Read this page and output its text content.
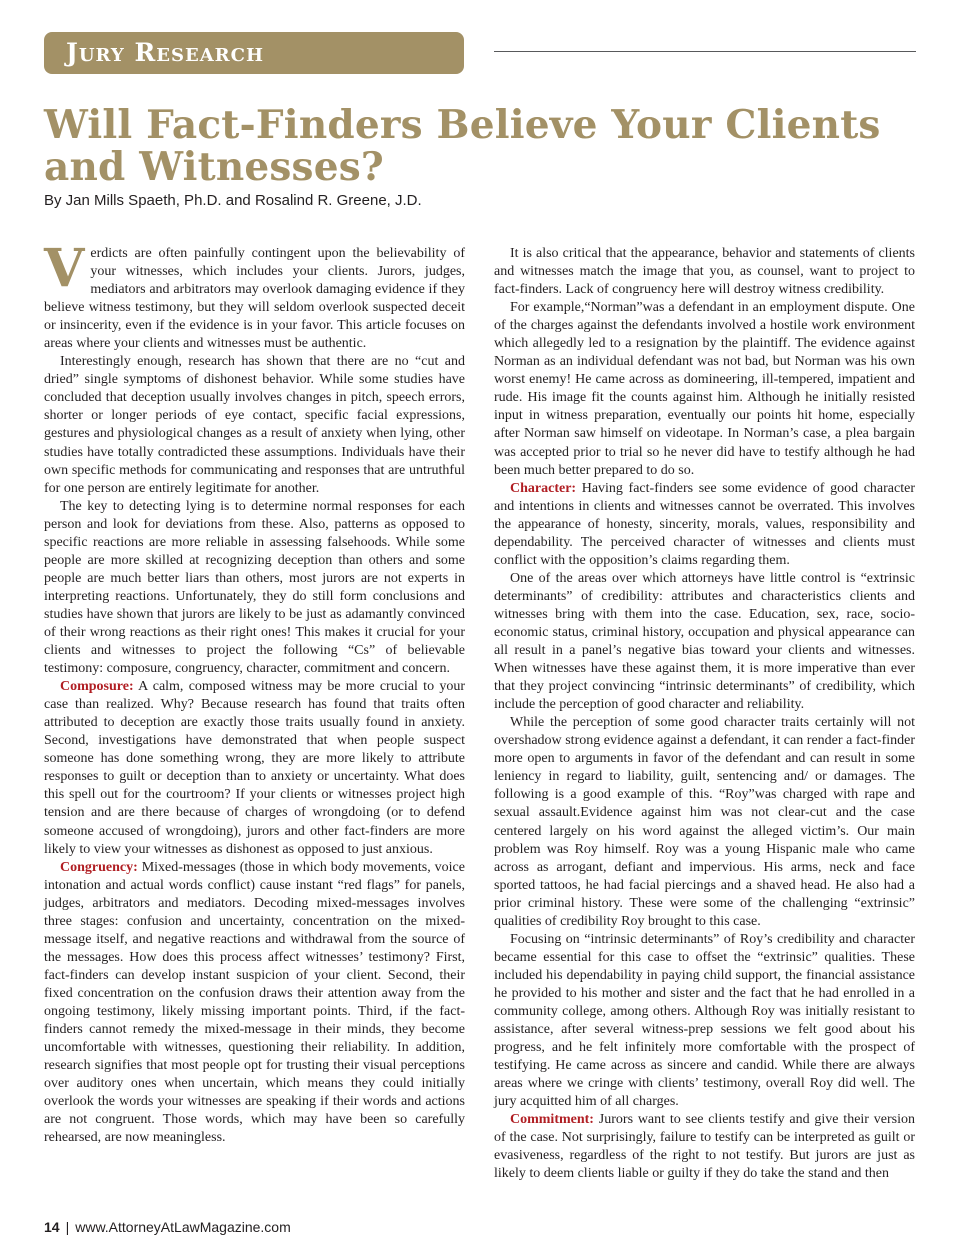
Jury Research
Will Fact-Finders Believe Your Clients and Witnesses?

By Jan Mills Spaeth, Ph.D. and Rosalind R. Greene, J.D.

Verdicts are often painfully contingent upon the believability of your witnesses, which includes your clients. Jurors, judges, mediators and arbitrators may overlook damaging evidence if they believe witness testimony, but they will seldom overlook suspected deceit or insincerity, even if the evidence is in your favor. This article focuses on areas where your clients and witnesses must be authentic.

Interestingly enough, research has shown that there are no “cut and dried” single symptoms of dishonest behavior. While some studies have concluded that deception usually involves changes in pitch, speech errors, shorter or longer periods of eye contact, specific facial expressions, gestures and physiological changes as a result of anxiety when lying, other studies have totally contradicted these assumptions. Individuals have their own specific methods for communicating and responses that are untruthful for one person are entirely legitimate for another.

The key to detecting lying is to determine normal responses for each person and look for deviations from these. Also, patterns as opposed to specific reactions are more reliable in assessing falsehoods. While some people are more skilled at recognizing deception than others and some people are much better liars than others, most jurors are not experts in interpreting reactions. Unfortunately, they do still form conclusions and studies have shown that jurors are likely to be just as adamantly convinced of their wrong reactions as their right ones! This makes it crucial for your clients and witnesses to project the following “Cs” of believable testimony: composure, congruency, character, commitment and concern.

Composure: A calm, composed witness may be more crucial to your case than realized. Why? Because research has found that traits often attributed to deception are exactly those traits usually found in anxiety. Second, investigations have demonstrated that when people suspect someone has done something wrong, they are more likely to attribute responses to guilt or deception than to anxiety or uncertainty. What does this spell out for the courtroom? If your clients or witnesses project high tension and are there because of charges of wrongdoing (or to defend someone accused of wrongdoing), jurors and other fact-finders are more likely to view your witnesses as dishonest as opposed to just anxious.

Congruency: Mixed-messages (those in which body movements, voice intonation and actual words conflict) cause instant “red flags” for panels, judges, arbitrators and mediators. Decoding mixed-messages involves three stages: confusion and uncertainty, concentration on the mixed-message itself, and negative reactions and withdrawal from the source of the messages. How does this process affect witnesses’ testimony? First, fact-finders can develop instant suspicion of your client. Second, their fixed concentration on the confusion draws their attention away from the ongoing testimony, likely missing important points. Third, if the fact-finders cannot remedy the mixed-message in their minds, they become uncomfortable with witnesses, questioning their reliability. In addition, research signifies that most people opt for trusting their visual perceptions over auditory ones when uncertain, which means they could initially overlook the words your witnesses are speaking if their words and actions are not congruent. Those words, which may have been so carefully rehearsed, are now meaningless.

It is also critical that the appearance, behavior and statements of clients and witnesses match the image that you, as counsel, want to project to fact-finders. Lack of congruency here will destroy witness credibility.

For example,“Norman”was a defendant in an employment dispute. One of the charges against the defendants involved a hostile work environment which allegedly led to a resignation by the plaintiff. The evidence against Norman as an individual defendant was not bad, but Norman was his own worst enemy! He came across as domineering, ill-tempered, impatient and rude. His image fit the counts against him. Although he initially resisted input in witness preparation, eventually our points hit home, especially after Norman saw himself on videotape. In Norman’s case, a plea bargain was accepted prior to trial so he never did have to testify although he had been much better prepared to do so.

Character: Having fact-finders see some evidence of good character and intentions in clients and witnesses cannot be overrated. This involves the appearance of honesty, sincerity, morals, values, responsibility and dependability. The perceived character of witnesses and clients must conflict with the opposition’s claims regarding them.

One of the areas over which attorneys have little control is “extrinsic determinants” of credibility: attributes and characteristics clients and witnesses bring with them into the case. Education, sex, race, socio-economic status, criminal history, occupation and physical appearance can all result in a panel’s negative bias toward your clients and witnesses. When witnesses have these against them, it is more imperative than ever that they project convincing “intrinsic determinants” of credibility, which include the perception of good character and reliability.

While the perception of some good character traits certainly will not overshadow strong evidence against a defendant, it can render a fact-finder more open to arguments in favor of the defendant and can result in some leniency in regard to liability, guilt, sentencing and/ or damages. The following is a good example of this. “Roy”was charged with rape and sexual assault.Evidence against him was not clear-cut and the case centered largely on his word against the alleged victim’s. Our main problem was Roy himself. Roy was a young Hispanic male who came across as arrogant, defiant and impervious. His arms, neck and face sported tattoos, he had facial piercings and a shaved head. He also had a prior criminal history. These were some of the challenging “extrinsic” qualities of credibility Roy brought to this case.

Focusing on “intrinsic determinants” of Roy’s credibility and character became essential for this case to offset the “extrinsic” qualities. These included his dependability in paying child support, the financial assistance he provided to his mother and sister and the fact that he had enrolled in a community college, among others. Although Roy was initially resistant to assistance, after several witness-prep sessions we felt good about his progress, and he felt infinitely more comfortable with the prospect of testifying. He came across as sincere and candid. While there are always areas where we cringe with clients’ testimony, overall Roy did well. The jury acquitted him of all charges.

Commitment: Jurors want to see clients testify and give their version of the case. Not surprisingly, failure to testify can be interpreted as guilt or evasiveness, regardless of the right to not testify. But jurors are just as likely to deem clients liable or guilty if they do take the stand and then

14 | www.AttorneyAtLawMagazine.com
